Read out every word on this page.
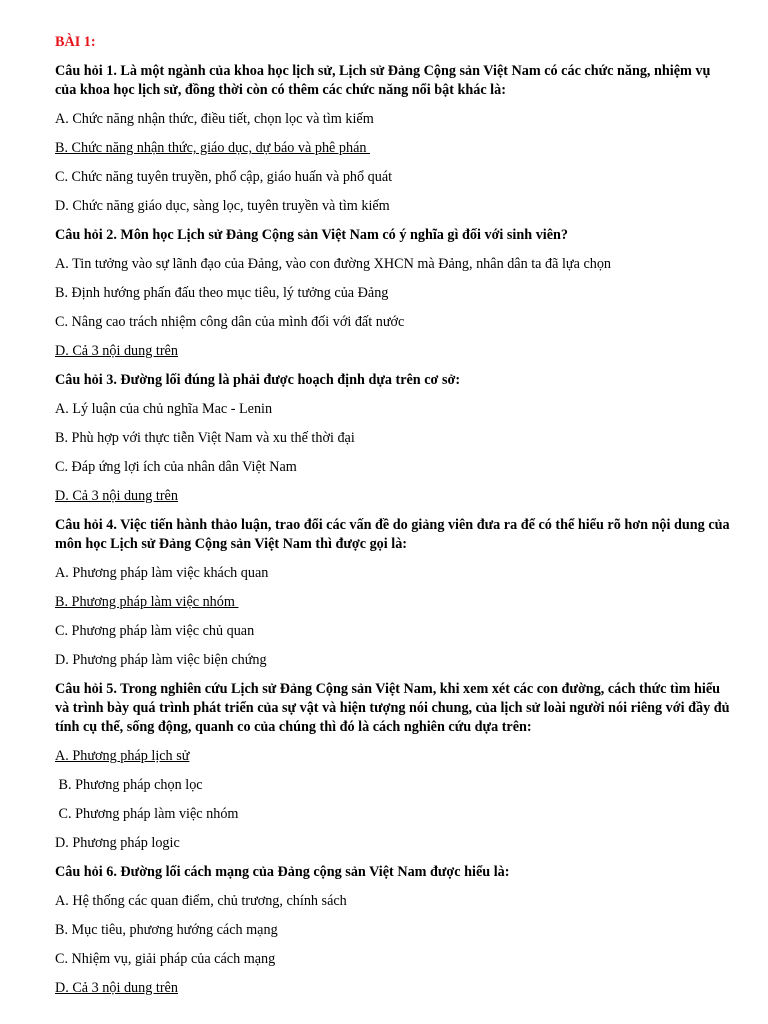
BÀI 1:
Câu hỏi 1. Là một ngành của khoa học lịch sử, Lịch sử Đảng Cộng sản Việt Nam có các chức năng, nhiệm vụ của khoa học lịch sử, đồng thời còn có thêm các chức năng nổi bật khác là:
A. Chức năng nhận thức, điều tiết, chọn lọc và tìm kiếm
B. Chức năng nhận thức, giáo dục, dự báo và phê phán
C. Chức năng tuyên truyền, phổ cập, giáo huấn và phổ quát
D. Chức năng giáo dục, sàng lọc, tuyên truyền và tìm kiếm
Câu hỏi 2. Môn học Lịch sử Đảng Cộng sản Việt Nam có ý nghĩa gì đối với sinh viên?
A. Tin tưởng vào sự lãnh đạo của Đảng, vào con đường XHCN mà Đảng, nhân dân ta đã lựa chọn
B. Định hướng phấn đấu theo mục tiêu, lý tưởng của Đảng
C. Nâng cao trách nhiệm công dân của mình đối với đất nước
D. Cả 3 nội dung trên
Câu hỏi 3. Đường lối đúng là phải được hoạch định dựa trên cơ sở:
A. Lý luận của chủ nghĩa Mac - Lenin
B. Phù hợp với thực tiễn Việt Nam và xu thế thời đại
C. Đáp ứng lợi ích của nhân dân Việt Nam
D. Cả 3 nội dung trên
Câu hỏi 4. Việc tiến hành thảo luận, trao đổi các vấn đề do giảng viên đưa ra để có thể hiểu rõ hơn nội dung của môn học Lịch sử Đảng Cộng sản Việt Nam thì được gọi là:
A. Phương pháp làm việc khách quan
B. Phương pháp làm việc nhóm
C. Phương pháp làm việc chủ quan
D. Phương pháp làm việc biện chứng
Câu hỏi 5. Trong nghiên cứu Lịch sử Đảng Cộng sản Việt Nam, khi xem xét các con đường, cách thức tìm hiểu và trình bày quá trình phát triển của sự vật và hiện tượng nói chung, của lịch sử loài người nói riêng với đầy đủ tính cụ thể, sống động, quanh co của chúng thì đó là cách nghiên cứu dựa trên:
A. Phương pháp lịch sử
B. Phương pháp chọn lọc
C. Phương pháp làm việc nhóm
D. Phương pháp logic
Câu hỏi 6. Đường lối cách mạng của Đảng cộng sản Việt Nam được hiểu là:
A. Hệ thống các quan điểm, chủ trương, chính sách
B. Mục tiêu, phương hướng cách mạng
C. Nhiệm vụ, giải pháp của cách mạng
D. Cả 3 nội dung trên
